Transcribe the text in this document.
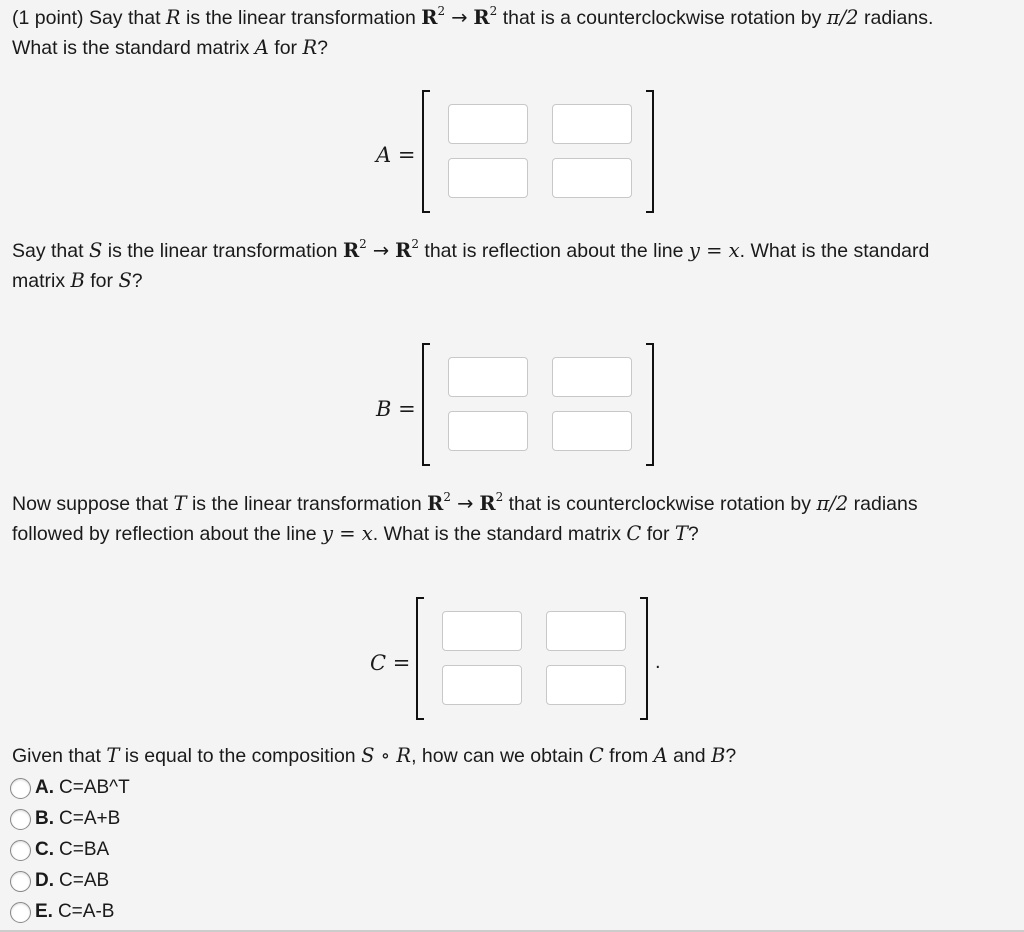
(1 point) Say that R is the linear transformation $R^2 \to R^2$ that is a counterclockwise rotation by π/2 radians.
What is the standard matrix A for R?
A =
Say that S is the linear transformation $R^2 \to R^2$ that is reflection about the line y = x. What is the standard
matrix B for S?
B =
Now suppose that T is the linear transformation $R^2 \to R^2$ that is counterclockwise rotation by π/2 radians
followed by reflection about the line y = x. What is the standard matrix C for T?
C =	.
Given that T is equal to the composition S ∘ R, how can we obtain C from A and B?
A. C=AB^T
B. C=A+B
C. C=BA
D. C=AB
E. C=A-B
